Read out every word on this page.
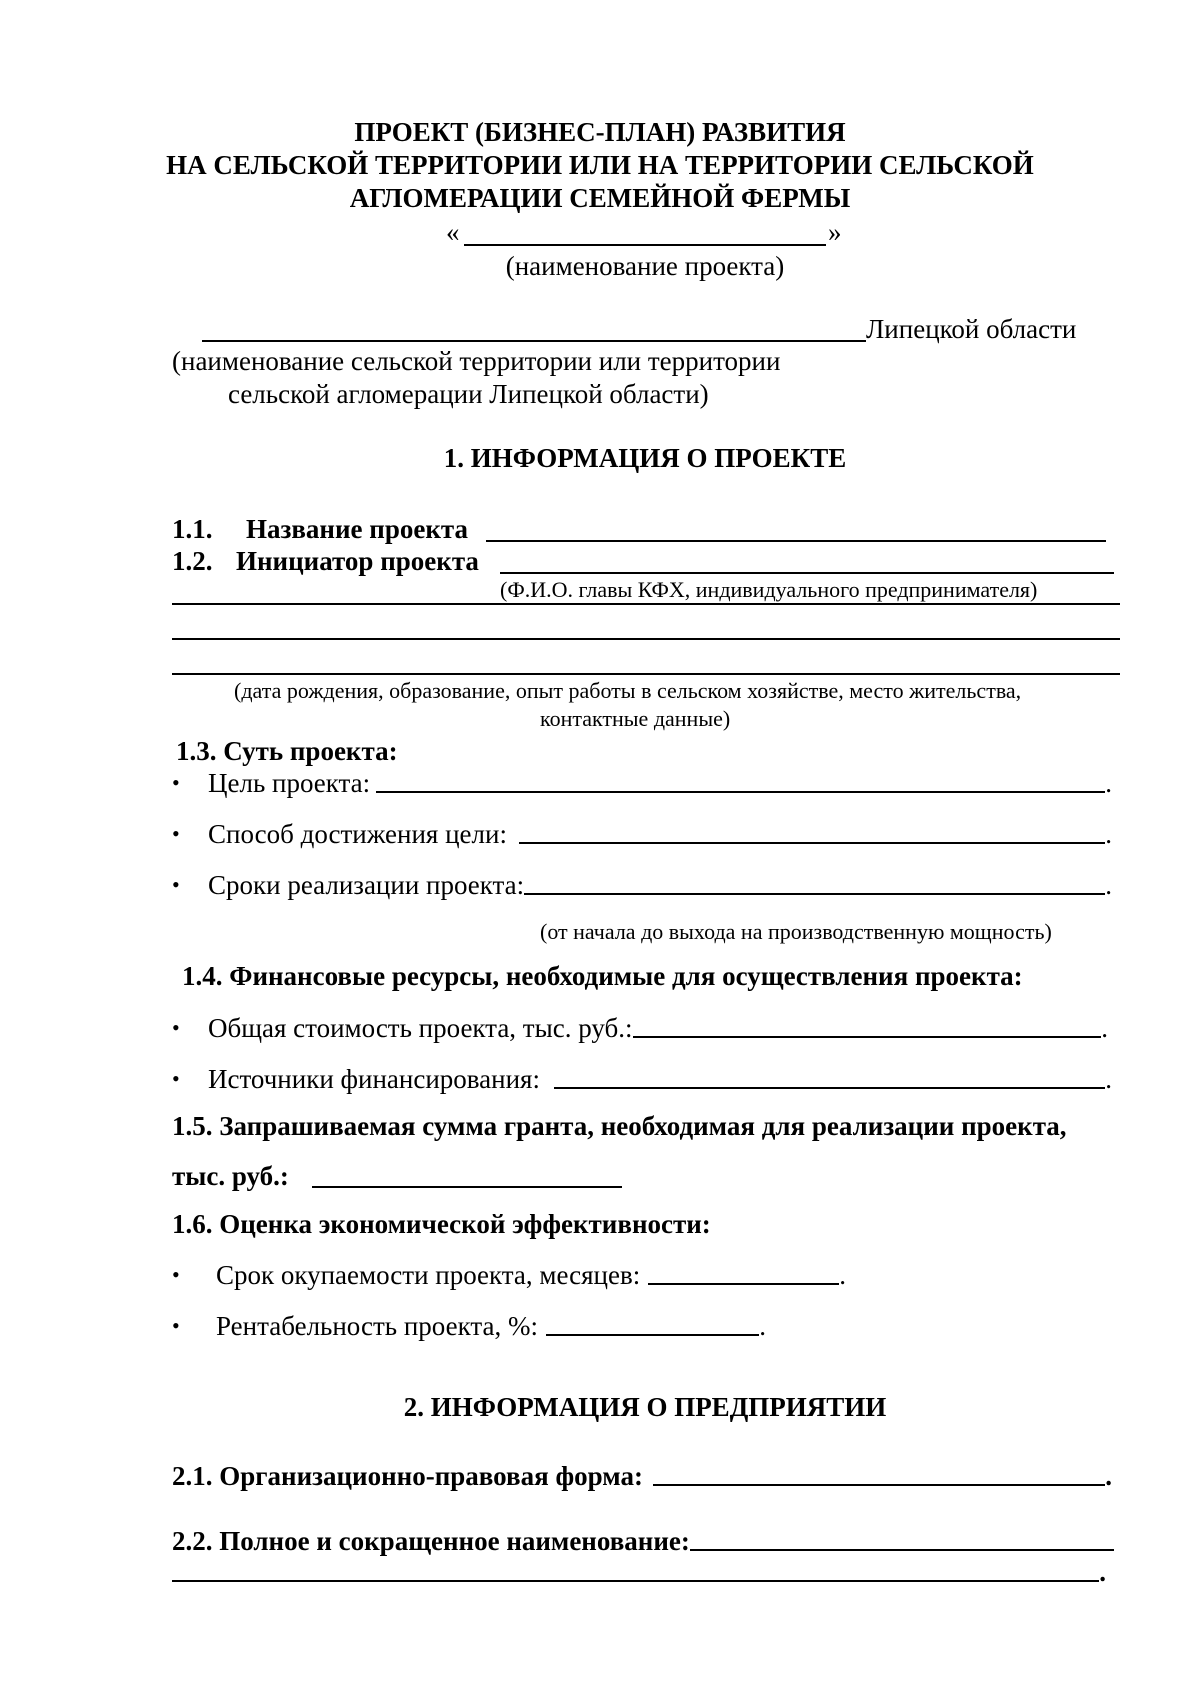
ПРОЕКТ (БИЗНЕС-ПЛАН) РАЗВИТИЯ
НА СЕЛЬСКОЙ ТЕРРИТОРИИ ИЛИ НА ТЕРРИТОРИИ СЕЛЬСКОЙ
АГЛОМЕРАЦИИ СЕМЕЙНОЙ ФЕРМЫ
«	»
(наименование проекта)
Липецкой области
(наименование сельской территории или территории
сельской агломерации Липецкой области)
1. ИНФОРМАЦИЯ О ПРОЕКТЕ
1.1. Название проекта
1.2. Инициатор проекта
(Ф.И.О. главы КФХ, индивидуального предпринимателя)
(дата рождения, образование, опыт работы в сельском хозяйстве, место жительства,
контактные данные)
1.3. Суть проекта:
• Цель проекта:	.
• Способ достижения цели:	.
• Сроки реализации проекта:	.
(от начала до выхода на производственную мощность)
1.4. Финансовые ресурсы, необходимые для осуществления проекта:
• Общая стоимость проекта, тыс. руб.:	.
• Источники финансирования:	.
1.5. Запрашиваемая сумма гранта, необходимая для реализации проекта,
тыс. руб.:
1.6. Оценка экономической эффективности:
• Срок окупаемости проекта, месяцев:	.
• Рентабельность проекта, %:	.
2. ИНФОРМАЦИЯ О ПРЕДПРИЯТИИ
2.1. Организационно-правовая форма:	.
2.2. Полное и сокращенное наименование:
.
